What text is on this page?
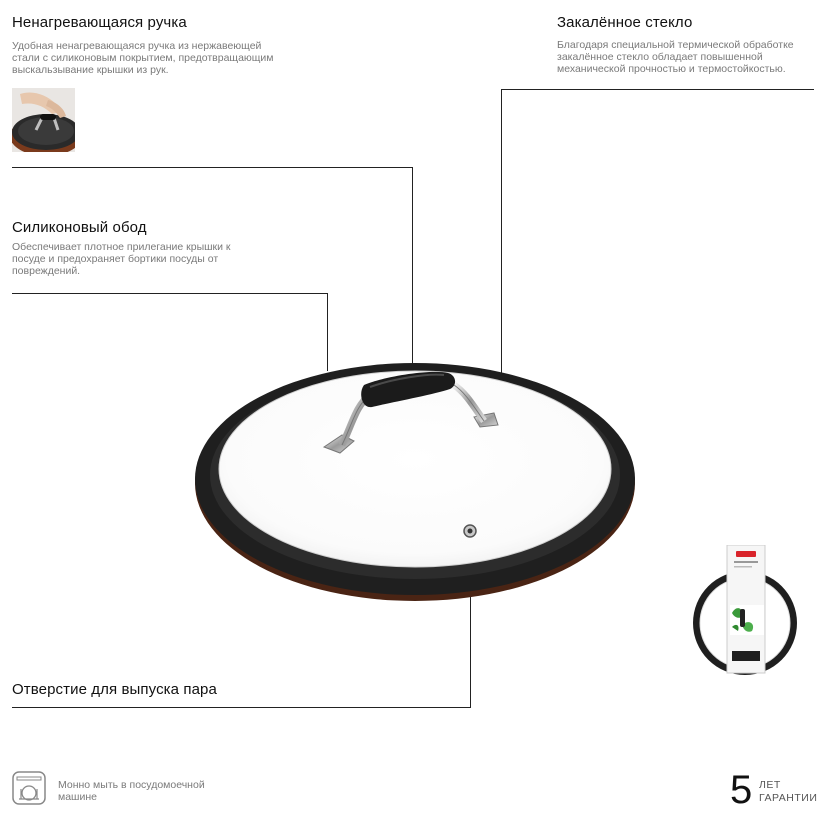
Ненагревающаяся ручка
Удобная ненагревающаяся ручка из нержавеющей стали с силиконовым покрытием, предотвращающим выскальзывание крышки из рук.
Закалённое стекло
Благодаря специальной термической обработке закалённое стекло обладает повышенной механической прочностью и термостойкостью.
Силиконовый обод
Обеспечивает плотное прилегание крышки к посуде и предохраняет бортики посуды от повреждений.
Отверстие для выпуска пара
Монно мыть в посудомоечной машине	5 ЛЕТ
ГАРАНТИИ
